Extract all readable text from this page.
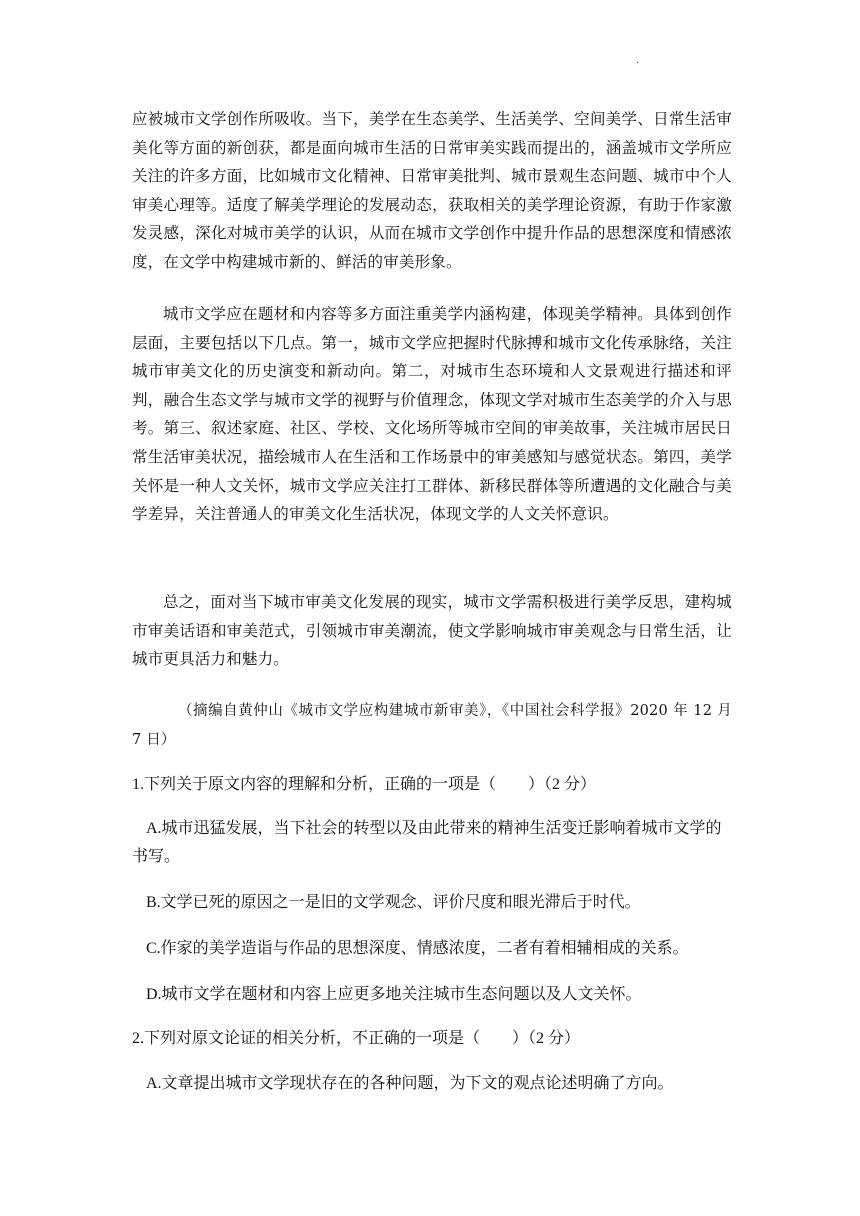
·

应被城市文学创作所吸收。当下，美学在生态美学、生活美学、空间美学、日常生活审美化等方面的新创获，都是面向城市生活的日常审美实践而提出的，涵盖城市文学所应关注的许多方面，比如城市文化精神、日常审美批判、城市景观生态问题、城市中个人审美心理等。适度了解美学理论的发展动态，获取相关的美学理论资源，有助于作家激发灵感，深化对城市美学的认识，从而在城市文学创作中提升作品的思想深度和情感浓度，在文学中构建城市新的、鲜活的审美形象。

城市文学应在题材和内容等多方面注重美学内涵构建，体现美学精神。具体到创作层面，主要包括以下几点。第一，城市文学应把握时代脉搏和城市文化传承脉络，关注城市审美文化的历史演变和新动向。第二，对城市生态环境和人文景观进行描述和评判，融合生态文学与城市文学的视野与价值理念，体现文学对城市生态美学的介入与思考。第三、叙述家庭、社区、学校、文化场所等城市空间的审美故事，关注城市居民日常生活审美状况，描绘城市人在生活和工作场景中的审美感知与感觉状态。第四，美学关怀是一种人文关怀，城市文学应关注打工群体、新移民群体等所遭遇的文化融合与美学差异，关注普通人的审美文化生活状况，体现文学的人文关怀意识。

总之，面对当下城市审美文化发展的现实，城市文学需积极进行美学反思，建构城市审美话语和审美范式，引领城市审美潮流，使文学影响城市审美观念与日常生活，让城市更具活力和魅力。

（摘编自黄仲山《城市文学应构建城市新审美》，《中国社会科学报》2020 年 12 月 7 日）

1.下列关于原文内容的理解和分析，正确的一项是（　　）（2 分）

A.城市迅猛发展，当下社会的转型以及由此带来的精神生活变迁影响着城市文学的书写。

B.文学已死的原因之一是旧的文学观念、评价尺度和眼光滞后于时代。

C.作家的美学造诣与作品的思想深度、情感浓度，二者有着相辅相成的关系。

D.城市文学在题材和内容上应更多地关注城市生态问题以及人文关怀。

2.下列对原文论证的相关分析，不正确的一项是（　　）（2 分）

A.文章提出城市文学现状存在的各种问题，为下文的观点论述明确了方向。
